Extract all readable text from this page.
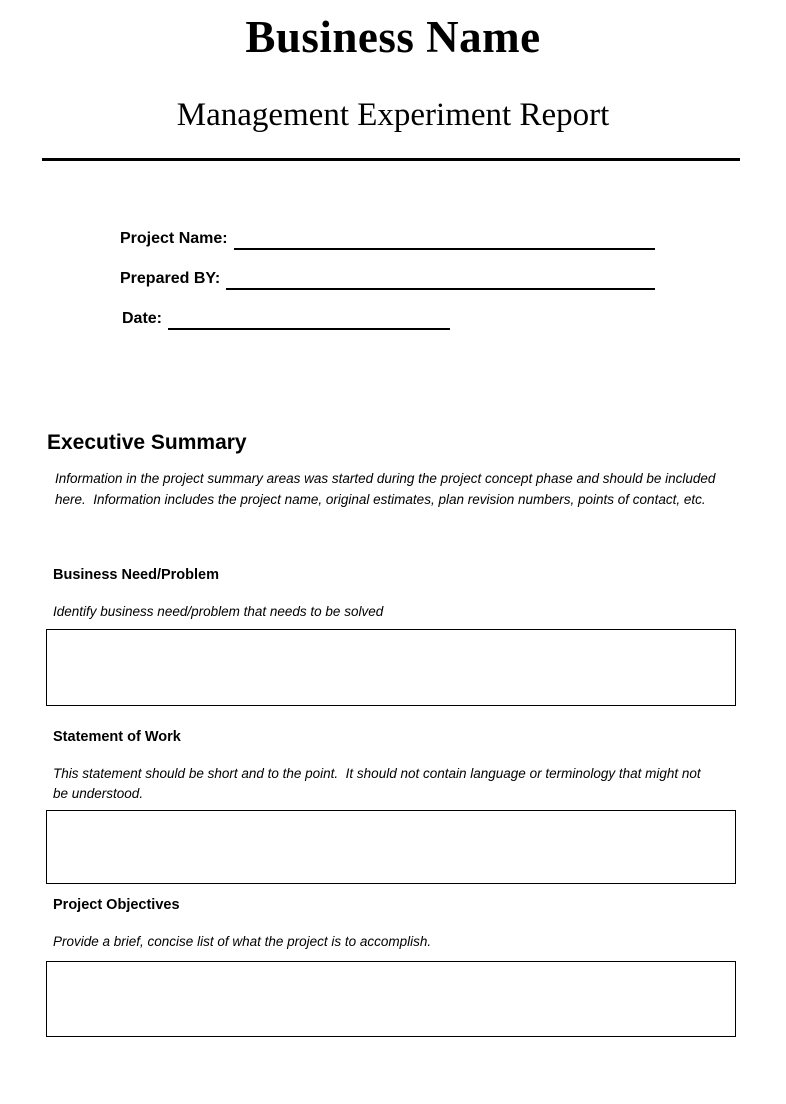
Business Name
Management Experiment Report
Project Name:
Prepared BY:
Date:
Executive Summary
Information in the project summary areas was started during the project concept phase and should be included here.  Information includes the project name, original estimates, plan revision numbers, points of contact, etc.
Business Need/Problem
Identify business need/problem that needs to be solved
Statement of Work
This statement should be short and to the point.  It should not contain language or terminology that might not be understood.
Project Objectives
Provide a brief, concise list of what the project is to accomplish.
